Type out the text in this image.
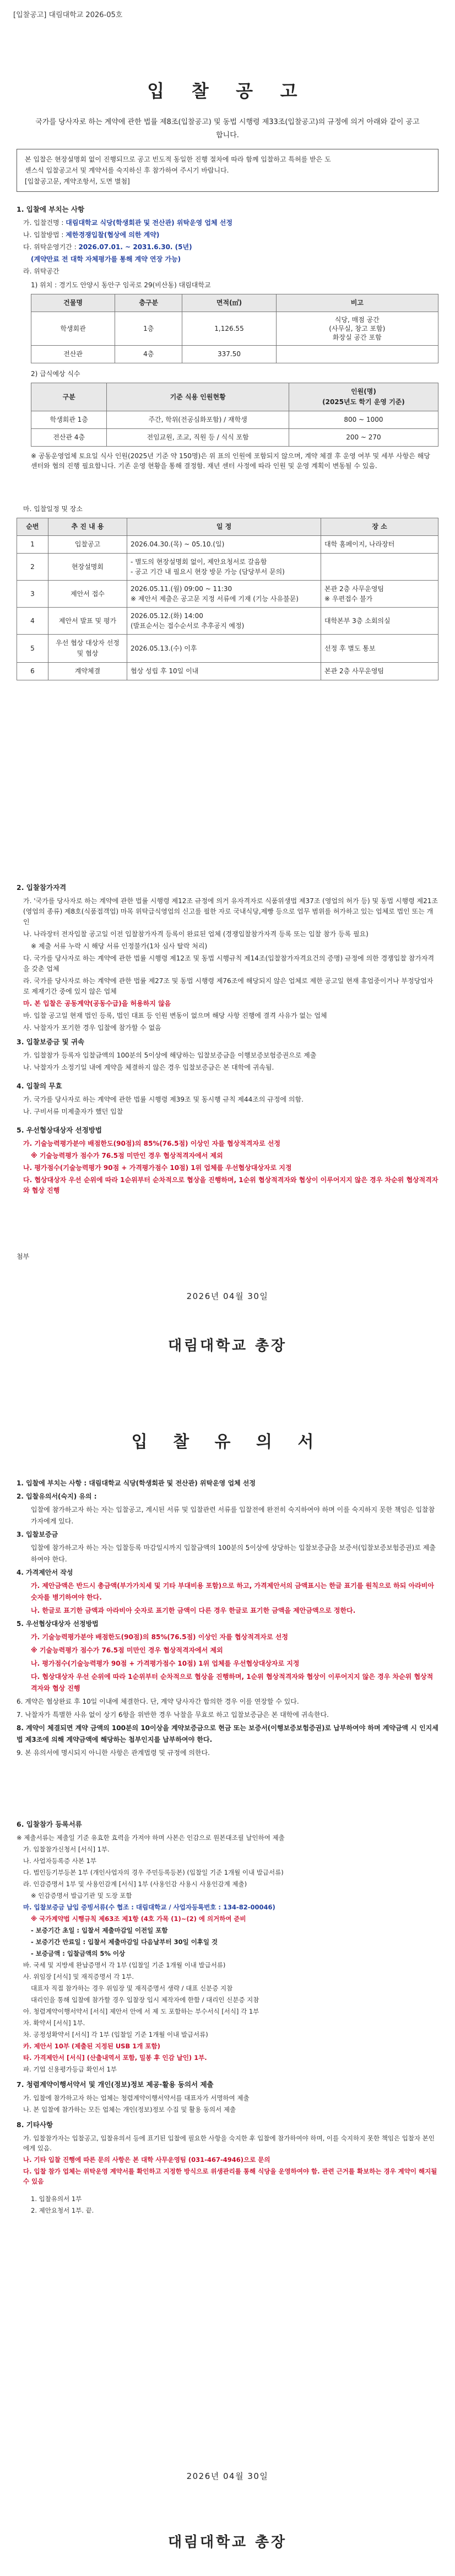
[입찰공고] 대림대학교 2026-05호
입 찰 공 고
국가를 당사자로 하는 계약에 관한 법률 제8조(입찰공고) 및 동법 시행령 제33조(입찰공고)의 규정에 의거 아래와 같이 공고합니다.
본 입찰은 현장설명회 없이 진행되므로 공고 빈도적 동일한 진행 절차에 따라 함께 입찰하고 특허를 받은 도
센스식 입찰공고서 및 계약서를 숙지하신 후 참가하여 주시기 바랍니다.
[입찰공고문, 계약조항서, 도면 별첨]
1. 입찰에 부치는 사항

가. 입찰건명 : 대림대학교 식당(학생회관 및 전산관) 위탁운영 업체 선정

나. 입찰방법 : 제한경쟁입찰(협상에 의한 계약)

다. 위탁운영기간 : 2026.07.01. ~ 2031.6.30. (5년)

(계약만료 전 대학 자체평가를 통해 계약 연장 가능)

라. 위탁공간

1) 위치 : 경기도 안양시 동안구 임곡로 29(비산동) 대림대학교

건물명	층구분	면적(㎡)	비고
학생회관	1층	1,126.55	식당, 매점 공간
(사무실, 창고 포함)
화장실 공간 포함
전산관	4층	337.50	

2) 급식예상 식수

구분	기준 식용 인원현황	인원(명)
(2025년도 학기 운영 기준)
학생회관 1층	주간, 학위(전공심화포함) / 재학생	800 ~ 1000
전산관 4층	전임교원, 조교, 직원 등 / 식식 포함	200 ~ 270

※ 공동운영업체 토요일 식사 인원(2025년 기준 약 150명)은 위 표의 인원에 포함되지 않으며, 계약 체결 후 운영 여부 및 세부 사항은 해당 센터와 협의 진행 필요합니다. 기존 운영 현황을 통해 결정함. 재년 센터 사정에 따라 인원 및 운영 계획이 변동될 수 있음.

마. 입찰일정 및 장소

순번	추 진 내 용	일 정	장 소
1	입찰공고	2026.04.30.(목) ~ 05.10.(일)	대학 홈페이지, 나라장터
2	현장설명회	- 별도의 현장설명회 없이, 제안요청서로 갈음함
- 공고 기간 내 필요시 현장 방문 가능 (담당부서 문의)	
3	제안서 접수	2026.05.11.(월) 09:00 ~ 11:30
※ 제안서 제출은 공고문 지정 서류에 기재 (기능 사유불문)	본관 2층 사무운영팀
※ 우편접수 불가
4	제안서 발표 및 평가	2026.05.12.(화) 14:00
(발표순서는 접수순서로 추후공지 예정)	대학본부 3층 소회의실
5	우선 협상 대상자 선정 및 협상	2026.05.13.(수) 이후	선정 후 별도 통보
6	계약체결	협상 성립 후 10일 이내	본관 2층 사무운영팀
2. 입찰참가자격

가. '국가를 당사자로 하는 계약에 관한 법률 시행령 제12조 규정에 의거 유자격자로 식품위생법 제37조 (영업의 허가 등) 및 동법 시행령 제21조(영업의 종류) 제8호(식품접객업) 마목 위탁급식영업의 신고를 필한 자로 국내식당,제빵 등으로 업무 범위를 허가하고 있는 업체로 법인 또는 개인

나. 나라장터 전자입찰 공고일 이전 입찰참가자격 등록이 완료된 업체 (경쟁입찰참가자격 등록 또는 입찰 참가 등록 필요)

※ 제출 서류 누락 시 해당 서류 인정불가(1차 심사 탈락 처리)

다. 국가를 당사자로 하는 계약에 관한 법률 시행령 제12조 및 동법 시행규칙 제14조(입찰참가자격요건의 증명) 규정에 의한 경쟁입찰 참가자격을 갖춘 업체

라. 국가를 당사자로 하는 계약에 관한 법률 제27조 및 동법 시행령 제76조에 해당되지 않은 업체로 제한 공고일 현재 휴업중이거나 부정당업자로 제재기간 중에 있지 않은 업체

마. 본 입찰은 공동계약(공동수급)을 허용하지 않음

바. 입찰 공고일 현재 법인 등록, 법인 대표 등 인원 변동이 없으며 해당 사항 진행에 결격 사유가 없는 업체

사. 낙찰자가 포기한 경우 입찰에 참가할 수 없음

3. 입찰보증금 및 귀속

가. 입찰참가 등록자 입찰금액의 100분의 5이상에 해당하는 입찰보증금을 이행보증보험증권으로 제출

나. 낙찰자가 소정기일 내에 계약을 체결하지 않은 경우 입찰보증금은 본 대학에 귀속됨.

4. 입찰의 무효

가. 국가를 당사자로 하는 계약에 관한 법률 시행령 제39조 및 동시행 규칙 제44조의 규정에 의함.

나. 구비서류 미제출자가 했던 입찰

5. 우선협상대상자 선정방법

가. 기술능력평가분야 배점한도(90점)의 85%(76.5점) 이상인 자를 협상적격자로 선정

※ 기술능력평가 점수가 76.5점 미만인 경우 협상적격자에서 제외

나. 평가점수(기술능력평가 90점 + 가격평가점수 10점) 1위 업체를 우선협상대상자로 지정

다. 협상대상자 우선 순위에 따라 1순위부터 순차적으로 협상을 진행하며, 1순위 협상적격자와 협상이 이루어지지 않은 경우 차순위 협상적격자와 협상 진행

첨부
2026년 04월 30일
대림대학교 총장
입 찰 유 의 서

1. 입찰에 부치는 사항 : 대림대학교 식당(학생회관 및 전산관) 위탁운영 업체 선정

2. 입찰유의서(숙지) 유의 :

입찰에 참가하고자 하는 자는 입찰공고, 계시된 서류 및 입찰관련 서류를 입찰전에 완전히 숙지하여야 하며 이를 숙지하지 못한 책임은 입찰참가자에게 있다.

3. 입찰보증금

입찰에 참가하고자 하는 자는 입찰등록 마감일시까지 입찰금액의 100분의 5이상에 상당하는 입찰보증금을 보증서(입찰보증보험증권)로 제출하여야 한다.

4. 가격제안서 작성

가. 제안금액은 반드시 총금액(부가가치세 및 기타 부대비용 포함)으로 하고, 가격제안서의 금액표시는 한글 표기를 원칙으로 하되 아라비아 숫자를 병기하여야 한다.

나. 한글로 표기한 금액과 아라비아 숫자로 표기한 금액이 다른 경우 한글로 표기한 금액을 제안금액으로 정한다.

5. 우선협상대상자 선정방법

가. 기술능력평가분야 배점한도(90점)의 85%(76.5점) 이상인 자를 협상적격자로 선정

※ 기술능력평가 점수가 76.5점 미만인 경우 협상적격자에서 제외

나. 평가점수(기술능력평가 90점 + 가격평가점수 10점) 1위 업체를 우선협상대상자로 지정

다. 협상대상자 우선 순위에 따라 1순위부터 순차적으로 협상을 진행하며, 1순위 협상적격자와 협상이 이루어지지 않은 경우 차순위 협상적격자와 협상 진행

6. 계약은 협상완료 후 10일 이내에 체결한다. 단, 계약 당사자간 합의한 경우 이를 연장할 수 있다.

7. 낙찰자가 특별한 사유 없이 상기 6항을 위반한 경우 낙찰을 무효로 하고 입찰보증금은 본 대학에 귀속한다.

8. 계약이 체결되면 계약 금액의 100분의 10이상을 계약보증금으로 현금 또는 보증서(이행보증보험증권)로 납부하여야 하며 계약금액 시 인지세법 제3조에 의해 계약금액에 해당하는 첩부인지를 납부하여야 한다.

9. 본 유의서에 명시되지 아니한 사항은 관계법령 및 규정에 의한다.

6. 입찰참가 등록서류

※ 제출서류는 제출일 기준 유효한 효력을 가져야 하며 사본은 인감으로 원본대조필 날인하여 제출

가. 입찰참가신청서 [서식] 1부.

나. 사업자등록증 사본 1부

다. 법인등기부등본 1부 (개인사업자의 경우 주민등록등본) (입찰일 기준 1개월 이내 발급서류)

라. 인감증명서 1부 및 사용인감계 [서식] 1부 (사용인감 사용시 사용인감계 제출)

※ 인감증명서 발급기관 및 도장 포함

마. 입찰보증금 납입 증빙서류(수 협조 : 대림대학교 / 사업자등록번호 : 134-82-00046)

※ 국가계약법 시행규칙 제63조 제1항 (4호 가목 (1)~(2) 에 의거하여 준비

- 보증기간 초일 : 입찰서 제출마감일 이전일 포함

- 보증기간 만료일 : 입찰서 제출마감일 다음날부터 30일 이후일 것

- 보증금액 : 입찰금액의 5% 이상

바. 국세 및 지방세 완납증명서 각 1부 (입찰일 기준 1개월 이내 발급서류)

사. 위임장 [서식] 및 재직증명서 각 1부.

대표자 직접 참가하는 경우 위임장 및 재직증명서 생략 / 대표 신분증 지참

대리인을 통해 입찰에 참가할 경우 입찰장 입시 제작자에 한함 / 대리인 신분증 지참

아. 청렴계약이행서약서 [서식] 제안서 안에 서 제 도 포함하는 부수서식 [서식] 각 1부

자. 확약서 [서식] 1부.

차. 공정성확약서 [서식] 각 1부 (입찰일 기준 1개월 이내 발급서류)

카. 제안서 10부 (제출된 지정된 USB 1개 포함)

타. 가격제안서 [서식] (산출내역서 포함, 밀봉 후 인감 날인) 1부.

파. 기업 신용평가등급 확인서 1부

7. 청렴계약이행서약서 및 개인(정보)정보 제공·활용 동의서 제출

가. 입찰에 참가하고자 하는 업체는 청렴계약이행서약서를 대표자가 서명하여 제출

나. 본 입찰에 참가하는 모든 업체는 개인(정보)정보 수집 및 활용 동의서 제출

8. 기타사항

가. 입찰참가자는 입찰공고, 입찰유의서 등에 표기된 입찰에 필요한 사항을 숙지한 후 입찰에 참가하여야 하며, 이를 숙지하지 못한 책임은 입찰자 본인에게 있음.

나. 기타 입찰 진행에 따른 문의 사항은 본 대학 사무운영팀 (031-467-4946)으로 문의

다. 입찰 참가 업체는 위탁운영 계약서를 확인하고 지정한 방식으로 위생관리를 통해 식당을 운영하여야 함. 관련 근거를 확보하는 경우 계약이 해지될 수 있음

1. 입찰유의서 1부

2. 제안요청서 1부. 끝.

2026년 04월 30일
대림대학교 총장
